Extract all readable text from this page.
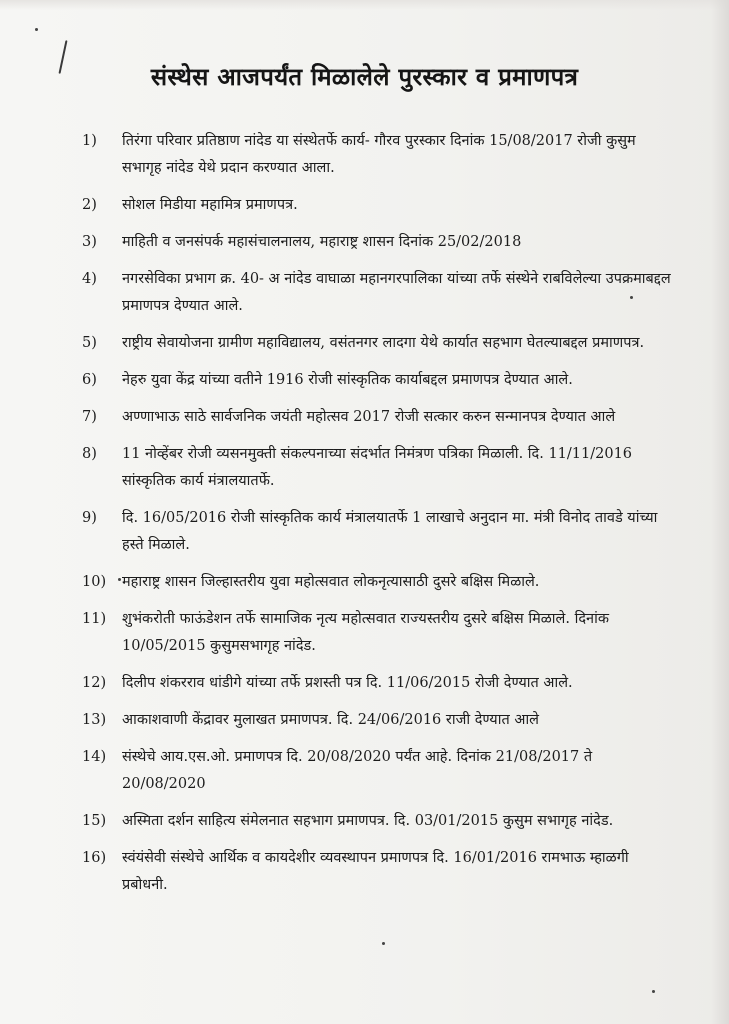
संस्थेस आजपर्यंत मिळालेले पुरस्कार व प्रमाणपत्र
1)	तिरंगा परिवार प्रतिष्ठाण नांदेड या संस्थेतर्फे कार्य- गौरव पुरस्कार दिनांक 15/08/2017 रोजी कुसुम सभागृह नांदेड येथे प्रदान करण्यात आला.
2)	सोशल मिडीया महामित्र प्रमाणपत्र.
3)	माहिती व जनसंपर्क महासंचालनालय, महाराष्ट्र शासन दिनांक 25/02/2018
4)	नगरसेविका प्रभाग क्र. 40- अ नांदेड वाघाळा महानगरपालिका यांच्या तर्फे संस्थेने राबविलेल्या उपक्रमाबद्दल प्रमाणपत्र देण्यात आले.
5)	राष्ट्रीय सेवायोजना ग्रामीण महाविद्यालय, वसंतनगर लादगा येथे कार्यात सहभाग घेतल्याबद्दल प्रमाणपत्र.
6)	नेहरु युवा केंद्र यांच्या वतीने 1916 रोजी सांस्कृतिक कार्याबद्दल प्रमाणपत्र देण्यात आले.
7)	अण्णाभाऊ साठे सार्वजनिक जयंती महोत्सव 2017 रोजी सत्कार करुन सन्मानपत्र देण्यात आले
8)	11 नोव्हेंबर रोजी व्यसनमुक्ती संकल्पनाच्या संदर्भात निमंत्रण पत्रिका मिळाली. दि. 11/11/2016 सांस्कृतिक कार्य मंत्रालयातर्फे.
9)	दि. 16/05/2016 रोजी सांस्कृतिक कार्य मंत्रालयातर्फे 1 लाखाचे अनुदान मा. मंत्री विनोद तावडे यांच्या हस्ते मिळाले.
10)	महाराष्ट्र शासन जिल्हास्तरीय युवा महोत्सवात लोकनृत्यासाठी दुसरे बक्षिस मिळाले.
11)	शुभंकरोती फाऊंडेशन तर्फे सामाजिक नृत्य महोत्सवात राज्यस्तरीय दुसरे बक्षिस मिळाले. दिनांक 10/05/2015 कुसुमसभागृह नांदेड.
12)	दिलीप शंकरराव धांडीगे यांच्या तर्फे प्रशस्ती पत्र दि. 11/06/2015 रोजी देण्यात आले.
13)	आकाशवाणी केंद्रावर मुलाखत प्रमाणपत्र. दि. 24/06/2016 राजी देण्यात आले
14)	संस्थेचे आय.एस.ओ. प्रमाणपत्र दि. 20/08/2020 पर्यंत आहे. दिनांक 21/08/2017 ते 20/08/2020
15)	अस्मिता दर्शन साहित्य संमेलनात सहभाग प्रमाणपत्र. दि. 03/01/2015 कुसुम सभागृह नांदेड.
16)	स्वंयंसेवी संस्थेचे आर्थिक व कायदेशीर व्यवस्थापन प्रमाणपत्र दि. 16/01/2016 रामभाऊ म्हाळगी प्रबोधनी.
